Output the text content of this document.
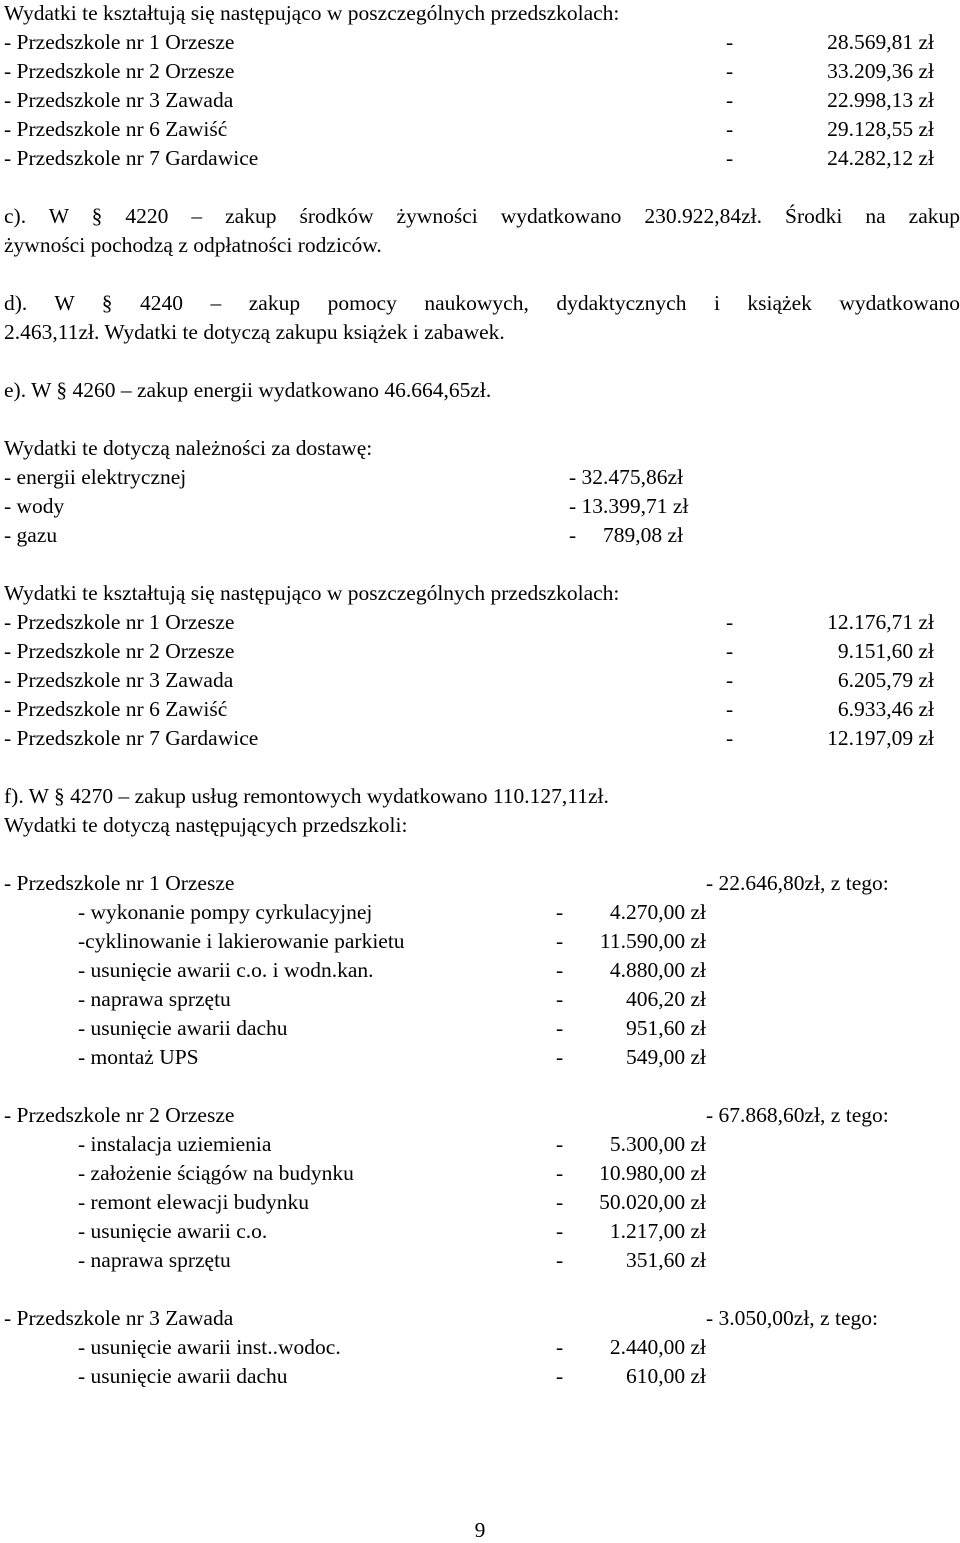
Wydatki te kształtują się następująco w poszczególnych przedszkolach:
- Przedszkole nr 1 Orzesze	-	28.569,81 zł
- Przedszkole nr 2 Orzesze	-	33.209,36 zł
- Przedszkole nr 3 Zawada	-	22.998,13 zł
- Przedszkole nr 6 Zawiść	-	29.128,55 zł
- Przedszkole nr 7 Gardawice	-	24.282,12 zł
c). W § 4220 – zakup środków żywności wydatkowano 230.922,84zł. Środki na zakup
żywności pochodzą z odpłatności rodziców.
d). W § 4240 – zakup pomocy naukowych, dydaktycznych i książek wydatkowano
2.463,11zł. Wydatki te dotyczą zakupu książek i zabawek.
e). W § 4260 – zakup energii wydatkowano 46.664,65zł.
Wydatki te dotyczą należności za dostawę:
- energii elektrycznej	- 32.475,86zł
- wody	- 13.399,71 zł
- gazu	-     789,08 zł
Wydatki te kształtują się następująco w poszczególnych przedszkolach:
- Przedszkole nr 1 Orzesze	-	12.176,71 zł
- Przedszkole nr 2 Orzesze	-	9.151,60 zł
- Przedszkole nr 3 Zawada	-	6.205,79 zł
- Przedszkole nr 6 Zawiść	-	6.933,46 zł
- Przedszkole nr 7 Gardawice	-	12.197,09 zł
f). W § 4270 – zakup usług remontowych wydatkowano 110.127,11zł.
Wydatki te dotyczą następujących przedszkoli:
- Przedszkole nr 1 Orzesze	- 22.646,80zł, z tego:
- wykonanie pompy cyrkulacyjnej	- 4.270,00 zł
-cyklinowanie i lakierowanie parkietu	- 11.590,00 zł
- usunięcie awarii c.o. i wodn.kan.	- 4.880,00 zł
- naprawa sprzętu	-	406,20 zł
- usunięcie awarii dachu	-	951,60 zł
- montaż UPS	-	549,00 zł
- Przedszkole nr 2 Orzesze	- 67.868,60zł, z tego:
- instalacja uziemienia	- 5.300,00 zł
- założenie ściągów na budynku	- 10.980,00 zł
- remont elewacji budynku	- 50.020,00 zł
- usunięcie awarii c.o.	- 1.217,00 zł
- naprawa sprzętu	-	351,60 zł
- Przedszkole nr 3 Zawada	- 3.050,00zł, z tego:
- usunięcie awarii inst..wodoc.	- 2.440,00 zł
- usunięcie awarii dachu	-	610,00 zł
9
